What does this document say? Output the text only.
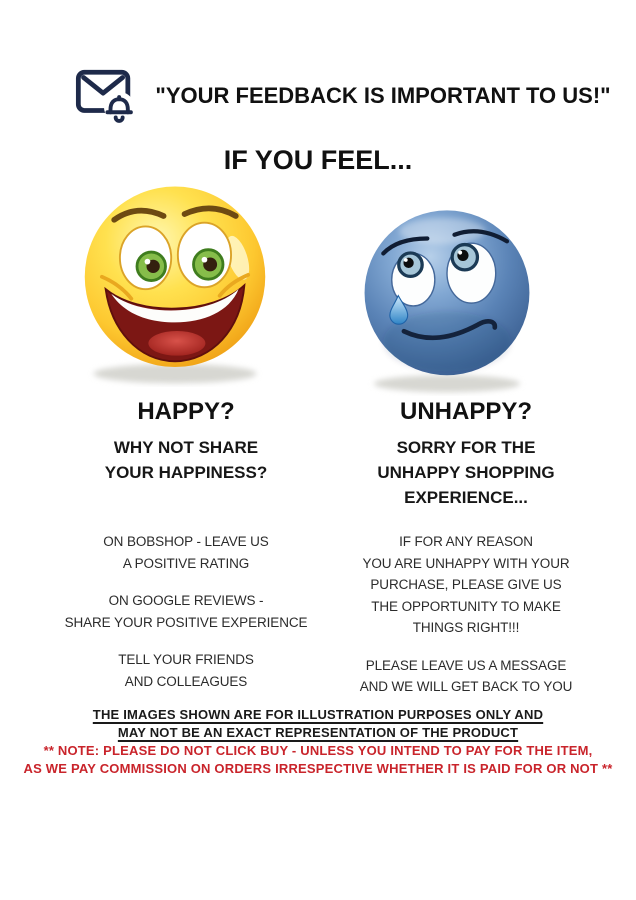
"YOUR FEEDBACK IS IMPORTANT TO US!"
IF YOU FEEL...
HAPPY?
WHY NOT SHARE
YOUR HAPPINESS?

ON BOBSHOP - LEAVE US
A POSITIVE RATING

ON GOOGLE REVIEWS -
SHARE YOUR POSITIVE EXPERIENCE

TELL YOUR FRIENDS
AND COLLEAGUES

UNHAPPY?
SORRY FOR THE
UNHAPPY SHOPPING
EXPERIENCE...

IF FOR ANY REASON
YOU ARE UNHAPPY WITH YOUR
PURCHASE, PLEASE GIVE US
THE OPPORTUNITY TO MAKE
THINGS RIGHT!!!

PLEASE LEAVE US A MESSAGE
AND WE WILL GET BACK TO YOU

THE IMAGES SHOWN ARE FOR ILLUSTRATION PURPOSES ONLY AND
MAY NOT BE AN EXACT REPRESENTATION OF THE PRODUCT
** NOTE: PLEASE DO NOT CLICK BUY - UNLESS YOU INTEND TO PAY FOR THE ITEM,
AS WE PAY COMMISSION ON ORDERS IRRESPECTIVE WHETHER IT IS PAID FOR OR NOT **
